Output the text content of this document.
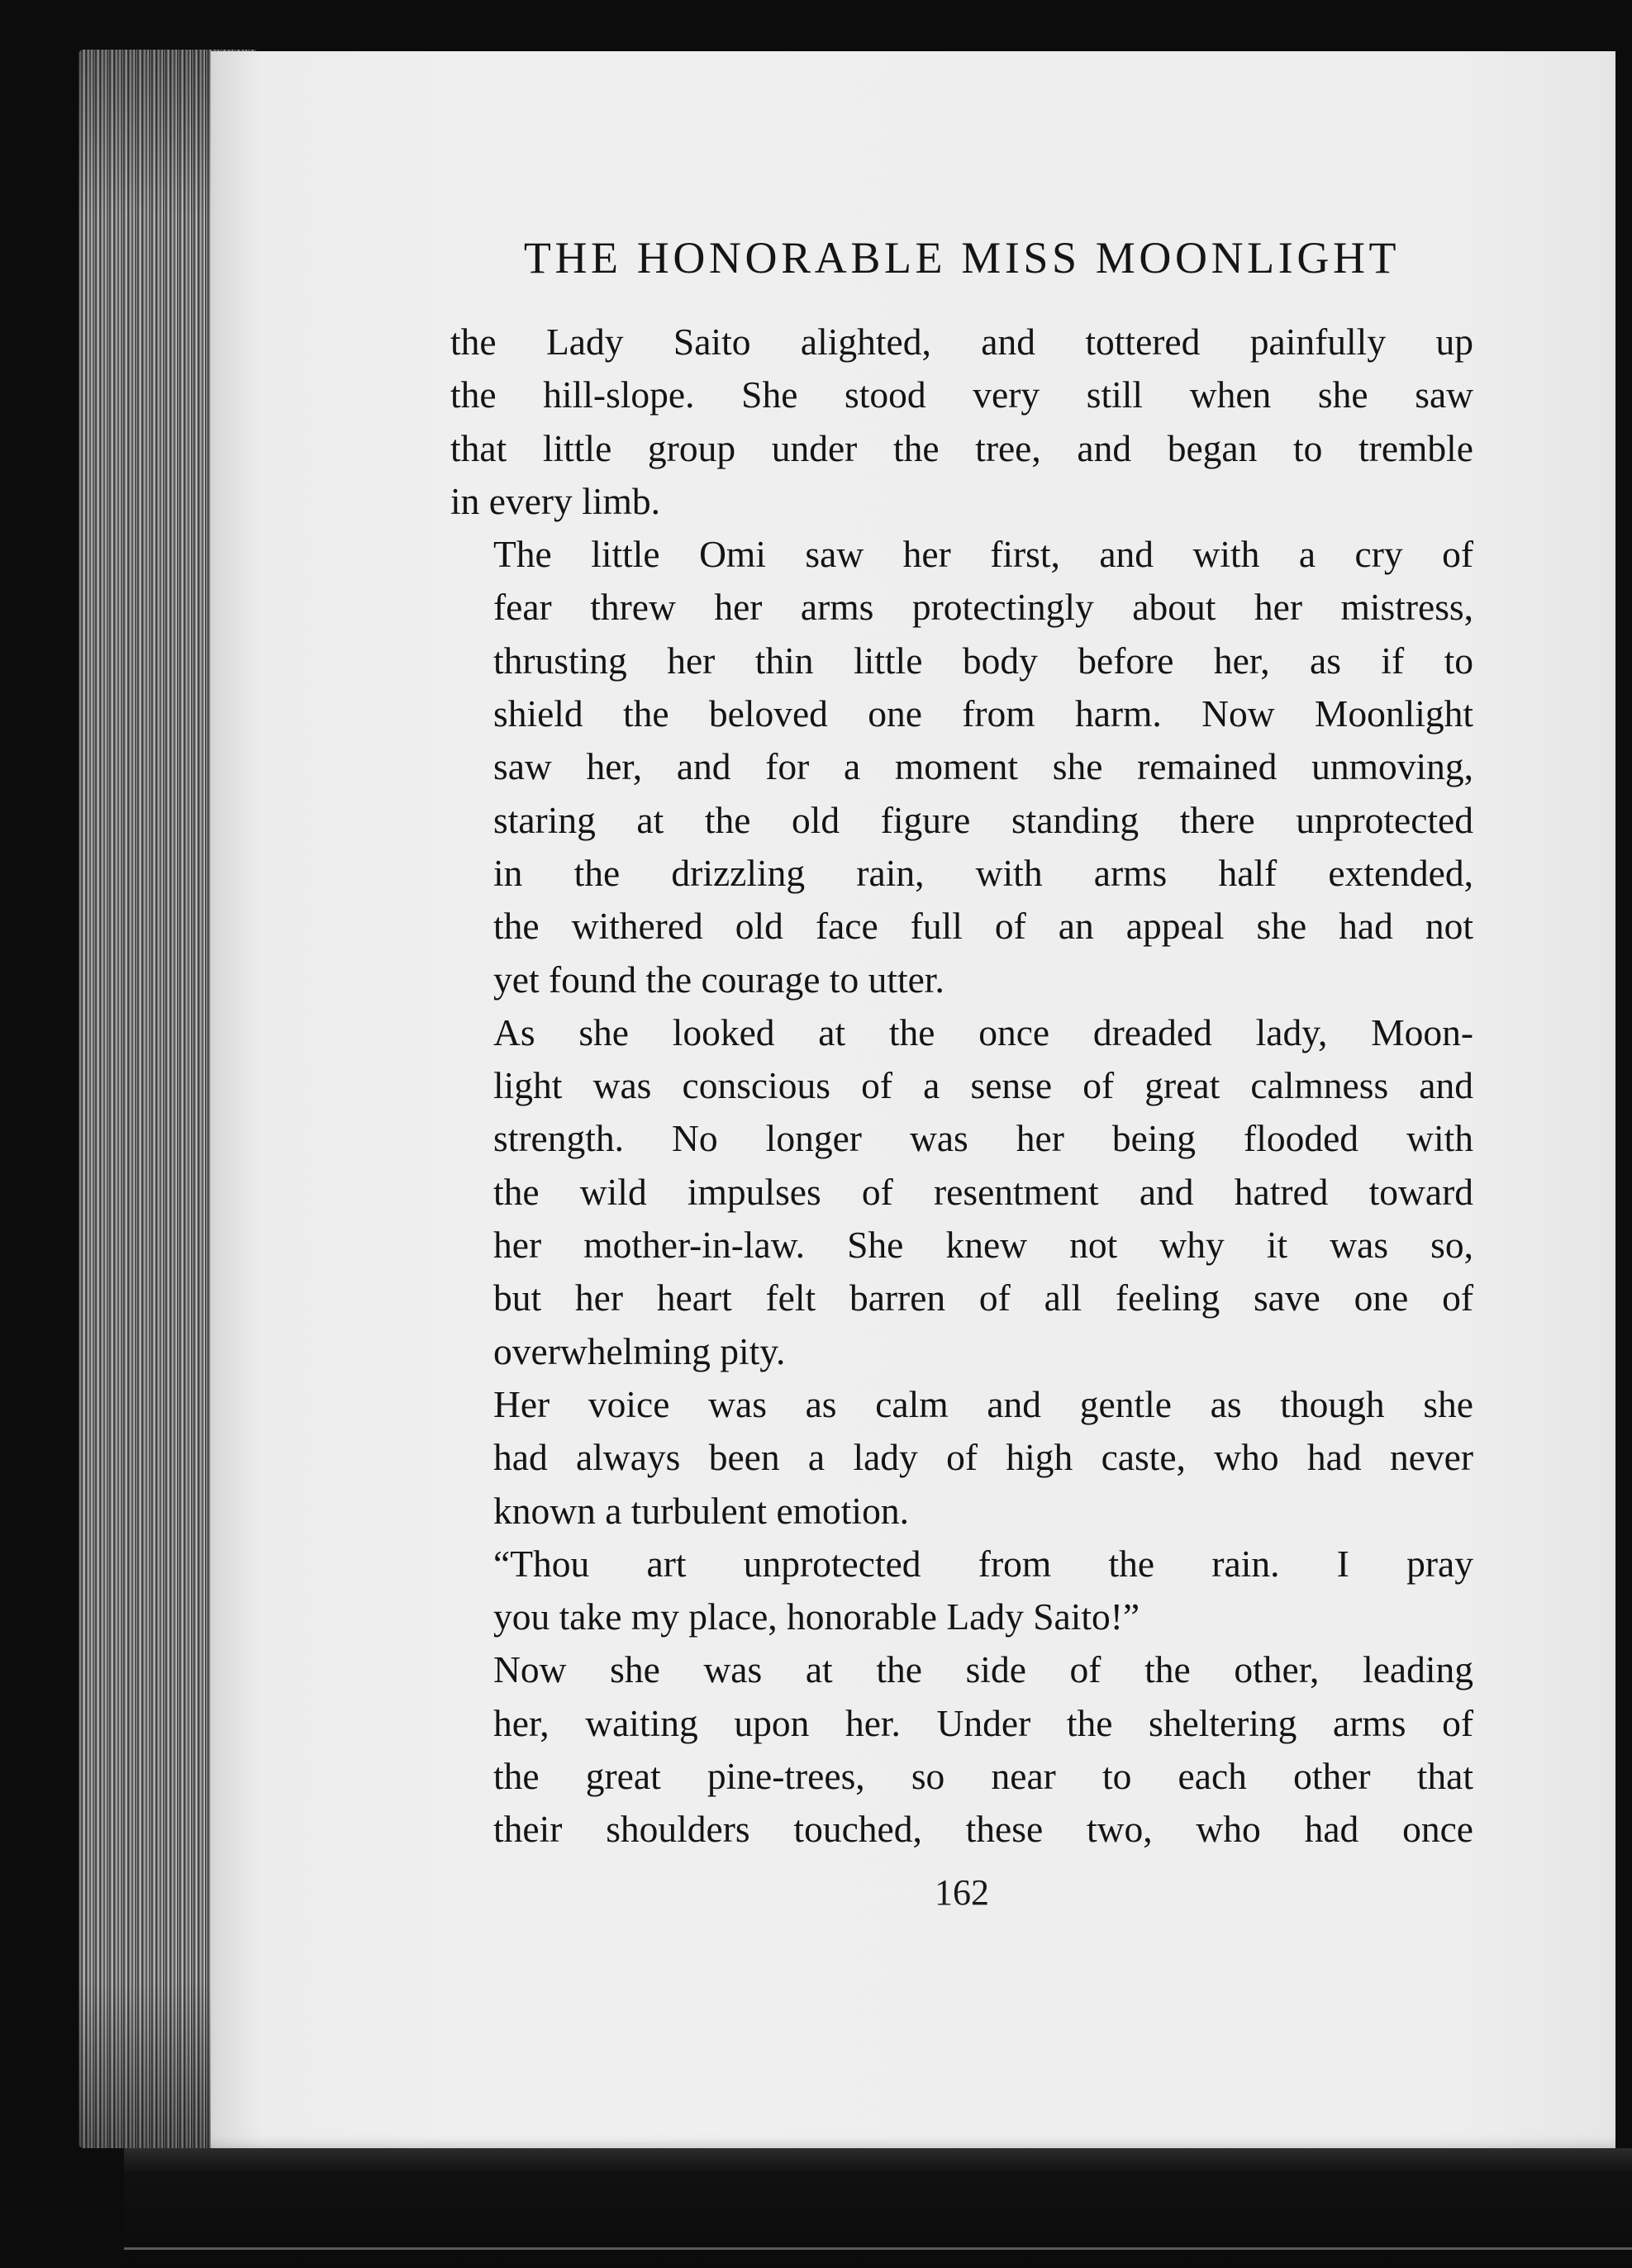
THE HONORABLE MISS MOONLIGHT

the Lady Saito alighted, and tottered painfully up
the hill-slope. She stood very still when she saw
that little group under the tree, and began to tremble
in every limb.

The little Omi saw her first, and with a cry of
fear threw her arms protectingly about her mistress,
thrusting her thin little body before her, as if to
shield the beloved one from harm. Now Moonlight
saw her, and for a moment she remained unmoving,
staring at the old figure standing there unprotected
in the drizzling rain, with arms half extended,
the withered old face full of an appeal she had not
yet found the courage to utter.

As she looked at the once dreaded lady, Moon-
light was conscious of a sense of great calmness and
strength. No longer was her being flooded with
the wild impulses of resentment and hatred toward
her mother-in-law. She knew not why it was so,
but her heart felt barren of all feeling save one of
overwhelming pity.

Her voice was as calm and gentle as though she
had always been a lady of high caste, who had never
known a turbulent emotion.

“Thou art unprotected from the rain. I pray
you take my place, honorable Lady Saito!”

Now she was at the side of the other, leading
her, waiting upon her. Under the sheltering arms of
the great pine-trees, so near to each other that
their shoulders touched, these two, who had once

162
